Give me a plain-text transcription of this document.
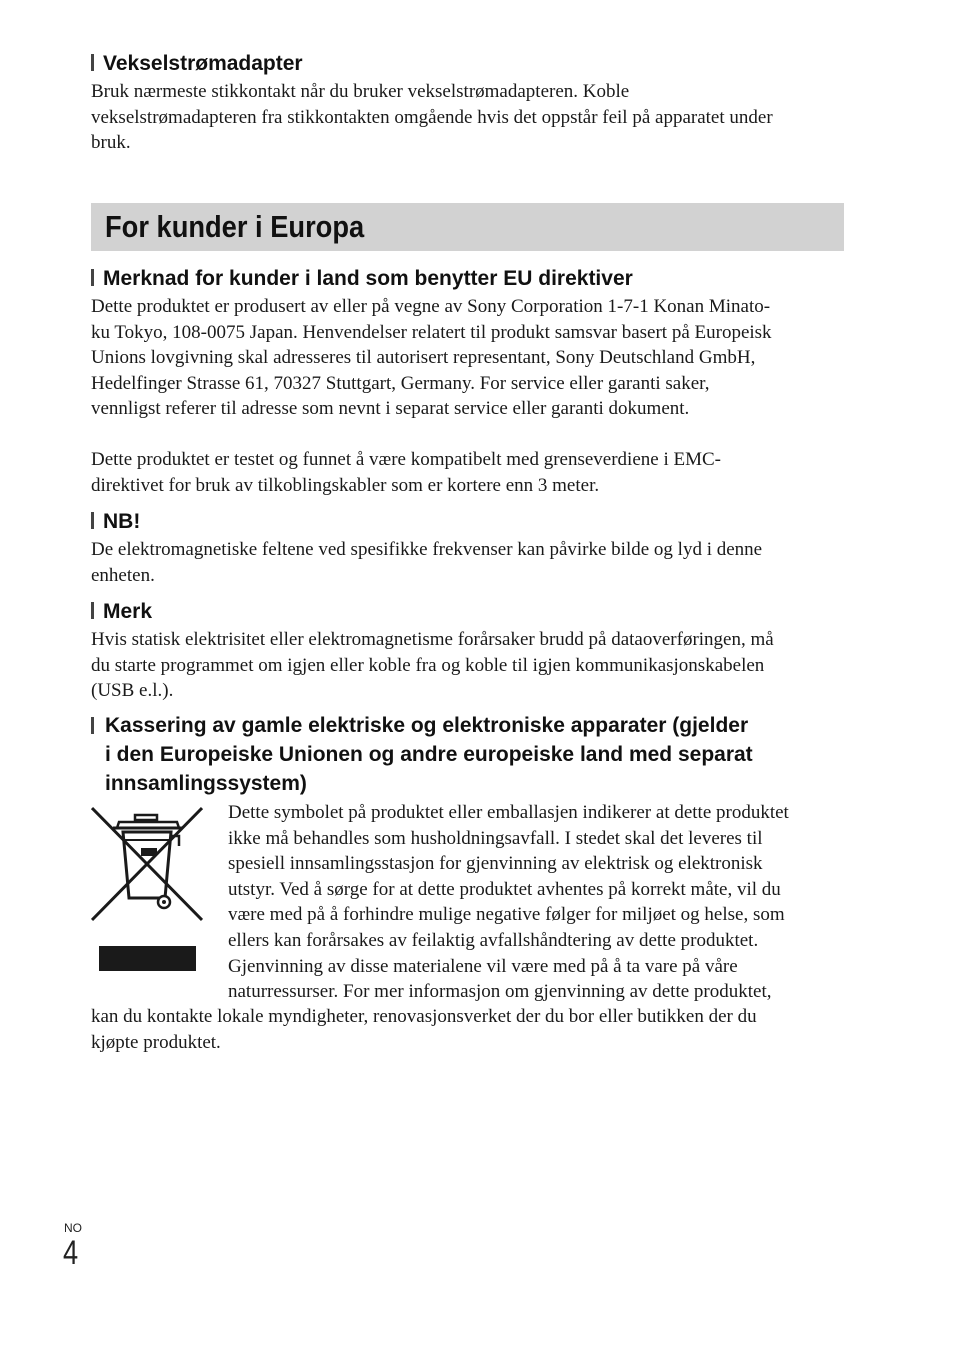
Vekselstrømadapter
Bruk nærmeste stikkontakt når du bruker vekselstrømadapteren. Koble
vekselstrømadapteren fra stikkontakten omgående hvis det oppstår feil på apparatet under
bruk.
For kunder i Europa
Merknad for kunder i land som benytter EU direktiver
Dette produktet er produsert av eller på vegne av Sony Corporation 1-7-1 Konan Minato-
ku Tokyo, 108-0075 Japan. Henvendelser relatert til produkt samsvar basert på Europeisk
Unions lovgivning skal adresseres til autorisert representant, Sony Deutschland GmbH,
Hedelfinger Strasse 61, 70327 Stuttgart, Germany. For service eller garanti saker,
vennligst referer til adresse som nevnt i separat service eller garanti dokument.
Dette produktet er testet og funnet å være kompatibelt med grenseverdiene i EMC-
direktivet for bruk av tilkoblingskabler som er kortere enn 3 meter.
NB!
De elektromagnetiske feltene ved spesifikke frekvenser kan påvirke bilde og lyd i denne
enheten.
Merk
Hvis statisk elektrisitet eller elektromagnetisme forårsaker brudd på dataoverføringen, må
du starte programmet om igjen eller koble fra og koble til igjen kommunikasjonskabelen
(USB e.l.).
Kassering av gamle elektriske og elektroniske apparater (gjelder
i den Europeiske Unionen og andre europeiske land med separat
innsamlingssystem)
Dette symbolet på produktet eller emballasjen indikerer at dette produktet
ikke må behandles som husholdningsavfall. I stedet skal det leveres til
spesiell innsamlingsstasjon for gjenvinning av elektrisk og elektronisk
utstyr. Ved å sørge for at dette produktet avhentes på korrekt måte, vil du
være med på å forhindre mulige negative følger for miljøet og helse, som
ellers kan forårsakes av feilaktig avfallshåndtering av dette produktet.
Gjenvinning av disse materialene vil være med på å ta vare på våre
naturressurser. For mer informasjon om gjenvinning av dette produktet,
kan du kontakte lokale myndigheter, renovasjonsverket der du bor eller butikken der du
kjøpte produktet.
NO
4
